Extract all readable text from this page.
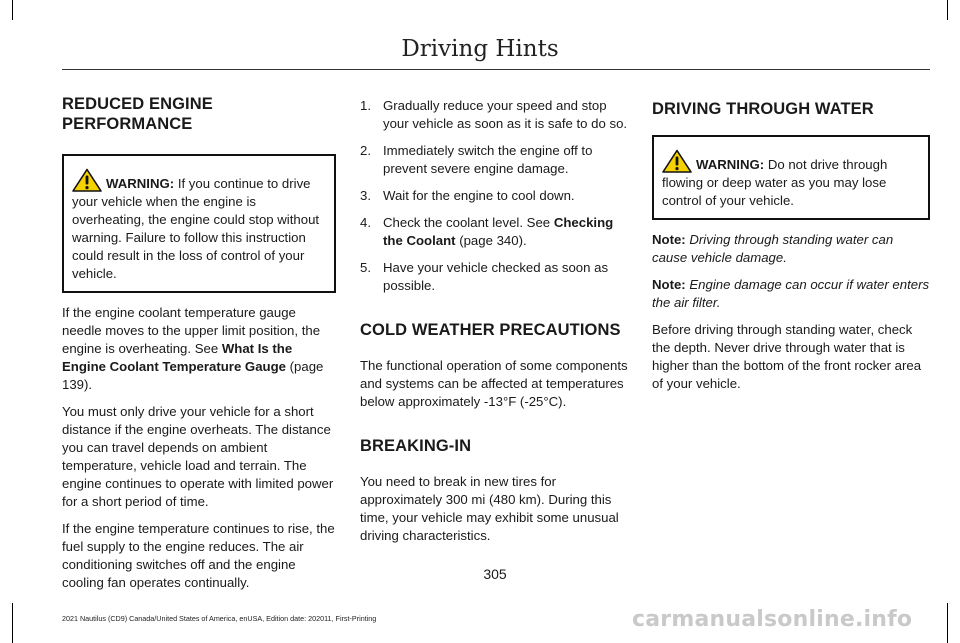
Driving Hints
REDUCED ENGINE PERFORMANCE
WARNING: If you continue to drive your vehicle when the engine is overheating, the engine could stop without warning. Failure to follow this instruction could result in the loss of control of your vehicle.

If the engine coolant temperature gauge needle moves to the upper limit position, the engine is overheating. See What Is the Engine Coolant Temperature Gauge (page 139).

You must only drive your vehicle for a short distance if the engine overheats. The distance you can travel depends on ambient temperature, vehicle load and terrain. The engine continues to operate with limited power for a short period of time.

If the engine temperature continues to rise, the fuel supply to the engine reduces. The air conditioning switches off and the engine cooling fan operates continually.

1. Gradually reduce your speed and stop your vehicle as soon as it is safe to do so.
2. Immediately switch the engine off to prevent severe engine damage.
3. Wait for the engine to cool down.
4. Check the coolant level. See Checking the Coolant (page 340).
5. Have your vehicle checked as soon as possible.
COLD WEATHER PRECAUTIONS

The functional operation of some components and systems can be affected at temperatures below approximately -13°F (-25°C).

BREAKING-IN

You need to break in new tires for approximately 300 mi (480 km). During this time, your vehicle may exhibit some unusual driving characteristics.

DRIVING THROUGH WATER
WARNING: Do not drive through flowing or deep water as you may lose control of your vehicle.

Note: Driving through standing water can cause vehicle damage.

Note: Engine damage can occur if water enters the air filter.

Before driving through standing water, check the depth. Never drive through water that is higher than the bottom of the front rocker area of your vehicle.

305
2021 Nautilus (CD9) Canada/United States of America, enUSA, Edition date: 202011, First-Printing	carmanualsonline.info
